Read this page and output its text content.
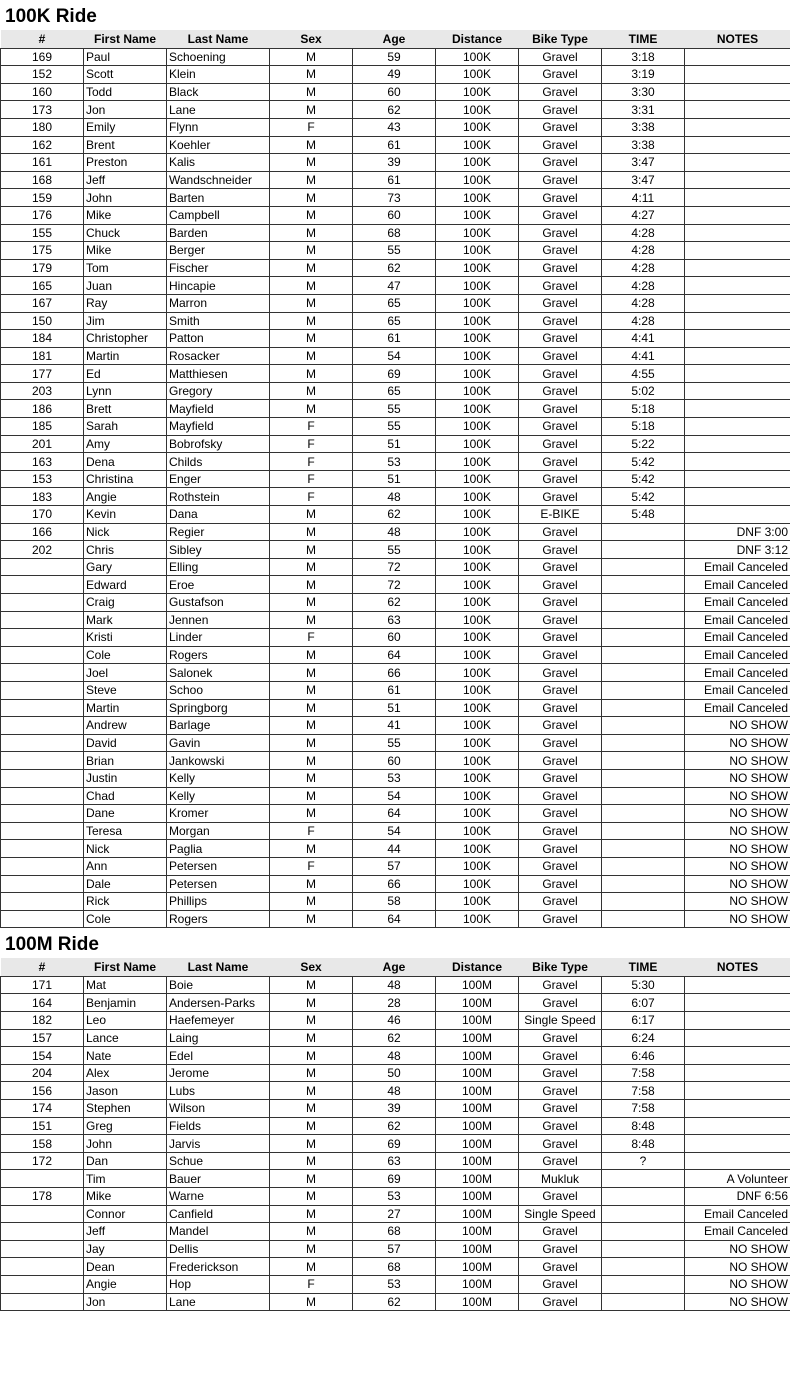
100K Ride
#	First Name	Last Name	Sex	Age	Distance	Bike Type	TIME	NOTES
169	Paul	Schoening	M	59	100K	Gravel	3:18	
152	Scott	Klein	M	49	100K	Gravel	3:19	
160	Todd	Black	M	60	100K	Gravel	3:30	
173	Jon	Lane	M	62	100K	Gravel	3:31	
180	Emily	Flynn	F	43	100K	Gravel	3:38	
162	Brent	Koehler	M	61	100K	Gravel	3:38	
161	Preston	Kalis	M	39	100K	Gravel	3:47	
168	Jeff	Wandschneider	M	61	100K	Gravel	3:47	
159	John	Barten	M	73	100K	Gravel	4:11	
176	Mike	Campbell	M	60	100K	Gravel	4:27	
155	Chuck	Barden	M	68	100K	Gravel	4:28	
175	Mike	Berger	M	55	100K	Gravel	4:28	
179	Tom	Fischer	M	62	100K	Gravel	4:28	
165	Juan	Hincapie	M	47	100K	Gravel	4:28	
167	Ray	Marron	M	65	100K	Gravel	4:28	
150	Jim	Smith	M	65	100K	Gravel	4:28	
184	Christopher	Patton	M	61	100K	Gravel	4:41	
181	Martin	Rosacker	M	54	100K	Gravel	4:41	
177	Ed	Matthiesen	M	69	100K	Gravel	4:55	
203	Lynn	Gregory	M	65	100K	Gravel	5:02	
186	Brett	Mayfield	M	55	100K	Gravel	5:18	
185	Sarah	Mayfield	F	55	100K	Gravel	5:18	
201	Amy	Bobrofsky	F	51	100K	Gravel	5:22	
163	Dena	Childs	F	53	100K	Gravel	5:42	
153	Christina	Enger	F	51	100K	Gravel	5:42	
183	Angie	Rothstein	F	48	100K	Gravel	5:42	
170	Kevin	Dana	M	62	100K	E-BIKE	5:48	
166	Nick	Regier	M	48	100K	Gravel		DNF 3:00
202	Chris	Sibley	M	55	100K	Gravel		DNF 3:12
	Gary	Elling	M	72	100K	Gravel		Email Canceled
	Edward	Eroe	M	72	100K	Gravel		Email Canceled
	Craig	Gustafson	M	62	100K	Gravel		Email Canceled
	Mark	Jennen	M	63	100K	Gravel		Email Canceled
	Kristi	Linder	F	60	100K	Gravel		Email Canceled
	Cole	Rogers	M	64	100K	Gravel		Email Canceled
	Joel	Salonek	M	66	100K	Gravel		Email Canceled
	Steve	Schoo	M	61	100K	Gravel		Email Canceled
	Martin	Springborg	M	51	100K	Gravel		Email Canceled
	Andrew	Barlage	M	41	100K	Gravel		NO SHOW
	David	Gavin	M	55	100K	Gravel		NO SHOW
	Brian	Jankowski	M	60	100K	Gravel		NO SHOW
	Justin	Kelly	M	53	100K	Gravel		NO SHOW
	Chad	Kelly	M	54	100K	Gravel		NO SHOW
	Dane	Kromer	M	64	100K	Gravel		NO SHOW
	Teresa	Morgan	F	54	100K	Gravel		NO SHOW
	Nick	Paglia	M	44	100K	Gravel		NO SHOW
	Ann	Petersen	F	57	100K	Gravel		NO SHOW
	Dale	Petersen	M	66	100K	Gravel		NO SHOW
	Rick	Phillips	M	58	100K	Gravel		NO SHOW
	Cole	Rogers	M	64	100K	Gravel		NO SHOW
100M Ride
#	First Name	Last Name	Sex	Age	Distance	Bike Type	TIME	NOTES
171	Mat	Boie	M	48	100M	Gravel	5:30	
164	Benjamin	Andersen-Parks	M	28	100M	Gravel	6:07	
182	Leo	Haefemeyer	M	46	100M	Single Speed	6:17	
157	Lance	Laing	M	62	100M	Gravel	6:24	
154	Nate	Edel	M	48	100M	Gravel	6:46	
204	Alex	Jerome	M	50	100M	Gravel	7:58	
156	Jason	Lubs	M	48	100M	Gravel	7:58	
174	Stephen	Wilson	M	39	100M	Gravel	7:58	
151	Greg	Fields	M	62	100M	Gravel	8:48	
158	John	Jarvis	M	69	100M	Gravel	8:48	
172	Dan	Schue	M	63	100M	Gravel	?	
	Tim	Bauer	M	69	100M	Mukluk		A Volunteer
178	Mike	Warne	M	53	100M	Gravel		DNF 6:56
	Connor	Canfield	M	27	100M	Single Speed		Email Canceled
	Jeff	Mandel	M	68	100M	Gravel		Email Canceled
	Jay	Dellis	M	57	100M	Gravel		NO SHOW
	Dean	Frederickson	M	68	100M	Gravel		NO SHOW
	Angie	Hop	F	53	100M	Gravel		NO SHOW
	Jon	Lane	M	62	100M	Gravel		NO SHOW
